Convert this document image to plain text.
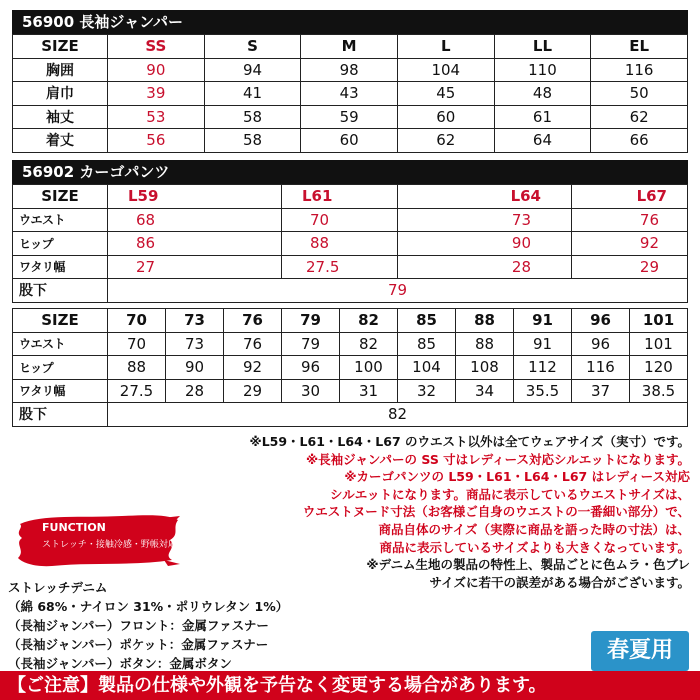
56900 長袖ジャンパー
SIZE	SS	S	M	L	LL	EL
胸囲	90	94	98	104	110	116
肩巾	39	41	43	45	48	50
袖丈	53	58	59	60	61	62
着丈	56	58	60	62	64	66
56902 カーゴパンツ
SIZE	L59	L61	L64	L67
ウエスト	68	70	73	76
ヒップ	86	88	90	92
ワタリ幅	27	27.5	28	29
股下	79			
SIZE	70	73	76	79	82	85	88	91	96	101
ウエスト	70	73	76	79	82	85	88	91	96	101
ヒップ	88	90	92	96	100	104	108	112	116	120
ワタリ幅	27.5	28	29	30	31	32	34	35.5	37	38.5
股下	82									
※L59・L61・L64・L67 のウエスト以外は全てウェアサイズ（実寸）です。
※長袖ジャンパーの SS 寸はレディース対応シルエットになります。
※カーゴパンツの L59・L61・L64・L67 はレディース対応
シルエットになります。商品に表示しているウエストサイズは、
ウエストヌード寸法（お客様ご自身のウエストの一番細い部分）で、
商品自体のサイズ（実際に商品を語った時の寸法）は、
商品に表示しているサイズよりも大きくなっています。
※デニム生地の製品の特性上、製品ごとに色ムラ・色ブレ
サイズに若干の誤差がある場合がございます。
FUNCTION
ストレッチ・接触冷感・野帳対応
ストレッチデニム
（綿 68%・ナイロン 31%・ポリウレタン 1%）
（長袖ジャンパー）フロント：金属ファスナー
（長袖ジャンパー）ポケット：金属ファスナー
（長袖ジャンパー）ボタン：金属ボタン
春夏用
【ご注意】製品の仕様や外観を予告なく変更する場合があります。
